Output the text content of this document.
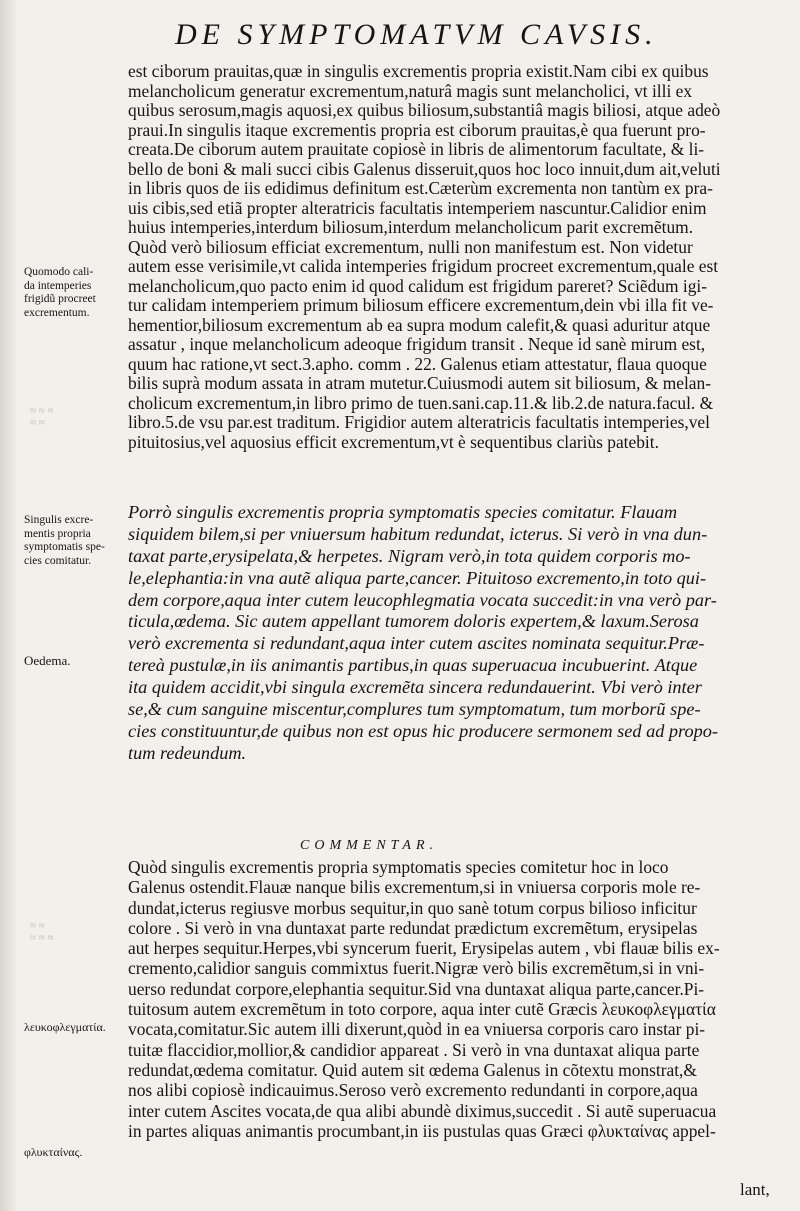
DE SYMPTOMATVM CAVSIS.
est ciborum prauitas,quæ in singulis excrementis propria existit.Nam cibi ex quibus
melancholicum generatur excrementum,naturâ magis sunt melancholici, vt illi ex
quibus serosum,magis aquosi,ex quibus biliosum,substantiâ magis biliosi, atque adeò
praui.In singulis itaque excrementis propria est ciborum prauitas,è qua fuerunt pro-
creata.De ciborum autem prauitate copiosè in libris de alimentorum facultate, & li-
bello de boni & mali succi cibis Galenus disseruit,quos hoc loco innuit,dum ait,veluti
in libris quos de iis edidimus definitum est.Cæterùm excrementa non tantùm ex pra-
uis cibis,sed etiã propter alteratricis facultatis intemperiem nascuntur.Calidior enim
huius intemperies,interdum biliosum,interdum melancholicum parit excremẽtum.
Quòd verò biliosum efficiat excrementum, nulli non manifestum est. Non videtur
autem esse verisimile,vt calida intemperies frigidum procreet excrementum,quale est
melancholicum,quo pacto enim id quod calidum est frigidum pareret? Sciẽdum igi-
tur calidam intemperiem primum biliosum efficere excrementum,dein vbi illa fit ve-
hementior,biliosum excrementum ab ea supra modum calefit,& quasi aduritur atque
assatur , inque melancholicum adeoque frigidum transit . Neque id sanè mirum est,
quum hac ratione,vt sect.3.apho. comm . 22. Galenus etiam attestatur, flaua quoque
bilis suprà modum assata in atram mutetur.Cuiusmodi autem sit biliosum, & melan-
cholicum excrementum,in libro primo de tuen.sani.cap.11.& lib.2.de natura.facul. &
libro.5.de vsu par.est traditum. Frigidior autem alteratricis facultatis intemperies,vel
pituitosius,vel aquosius efficit excrementum,vt è sequentibus clariùs patebit.
Quomodo cali-
da intemperies
frigidũ procreet
excrementum.
≈ ≈ ≈
≈ ≈
Singulis excre-
mentis propria
symptomatis spe-
cies comitatur.
Porrò singulis excrementis propria symptomatis species comitatur. Flauam
siquidem bilem,si per vniuersum habitum redundat, icterus. Si verò in vna dun-
taxat parte,erysipelata,& herpetes. Nigram verò,in tota quidem corporis mo-
le,elephantia:in vna autẽ aliqua parte,cancer. Pituitoso excremento,in toto qui-
dem corpore,aqua inter cutem leucophlegmatia vocata succedit:in vna verò par-
ticula,œdema. Sic autem appellant tumorem doloris expertem,& laxum.Serosa
verò excrementa si redundant,aqua inter cutem ascites nominata sequitur.Præ-
tereà pustulæ,in iis animantis partibus,in quas superuacua incubuerint. Atque
ita quidem accidit,vbi singula excremẽta sincera redundauerint. Vbi verò inter
se,& cum sanguine miscentur,complures tum symptomatum, tum morborũ spe-
cies constituuntur,de quibus non est opus hic producere sermonem sed ad propo-
tum redeundum.
Oedema.
COMMENTAR.
Quòd singulis excrementis propria symptomatis species comitetur hoc in loco
Galenus ostendit.Flauæ nanque bilis excrementum,si in vniuersa corporis mole re-
dundat,icterus regiusve morbus sequitur,in quo sanè totum corpus bilioso inficitur
colore . Si verò in vna duntaxat parte redundat prædictum excremẽtum, erysipelas
aut herpes sequitur.Herpes,vbi syncerum fuerit, Erysipelas autem , vbi flauæ bilis ex-
cremento,calidior sanguis commixtus fuerit.Nigræ verò bilis excremẽtum,si in vni-
uerso redundat corpore,elephantia sequitur.Sid vna duntaxat aliqua parte,cancer.Pi-
tuitosum autem excremẽtum in toto corpore, aqua inter cutẽ Græcis λευκοφλεγματία
vocata,comitatur.Sic autem illi dixerunt,quòd in ea vniuersa corporis caro instar pi-
tuitæ flaccidior,mollior,& candidior appareat . Si verò in vna duntaxat aliqua parte
redundat,œdema comitatur. Quid autem sit œdema Galenus in cõtextu monstrat,&
nos alibi copiosè indicauimus.Seroso verò excremento redundanti in corpore,aqua
inter cutem Ascites vocata,de qua alibi abundè diximus,succedit . Si autẽ superuacua
in partes aliquas animantis procumbant,in iis pustulas quas Græci φλυκταίνας appel-
≈ ≈
≈ ≈ ≈
λευκοφλεγματία.
φλυκταίνας.
lant,
